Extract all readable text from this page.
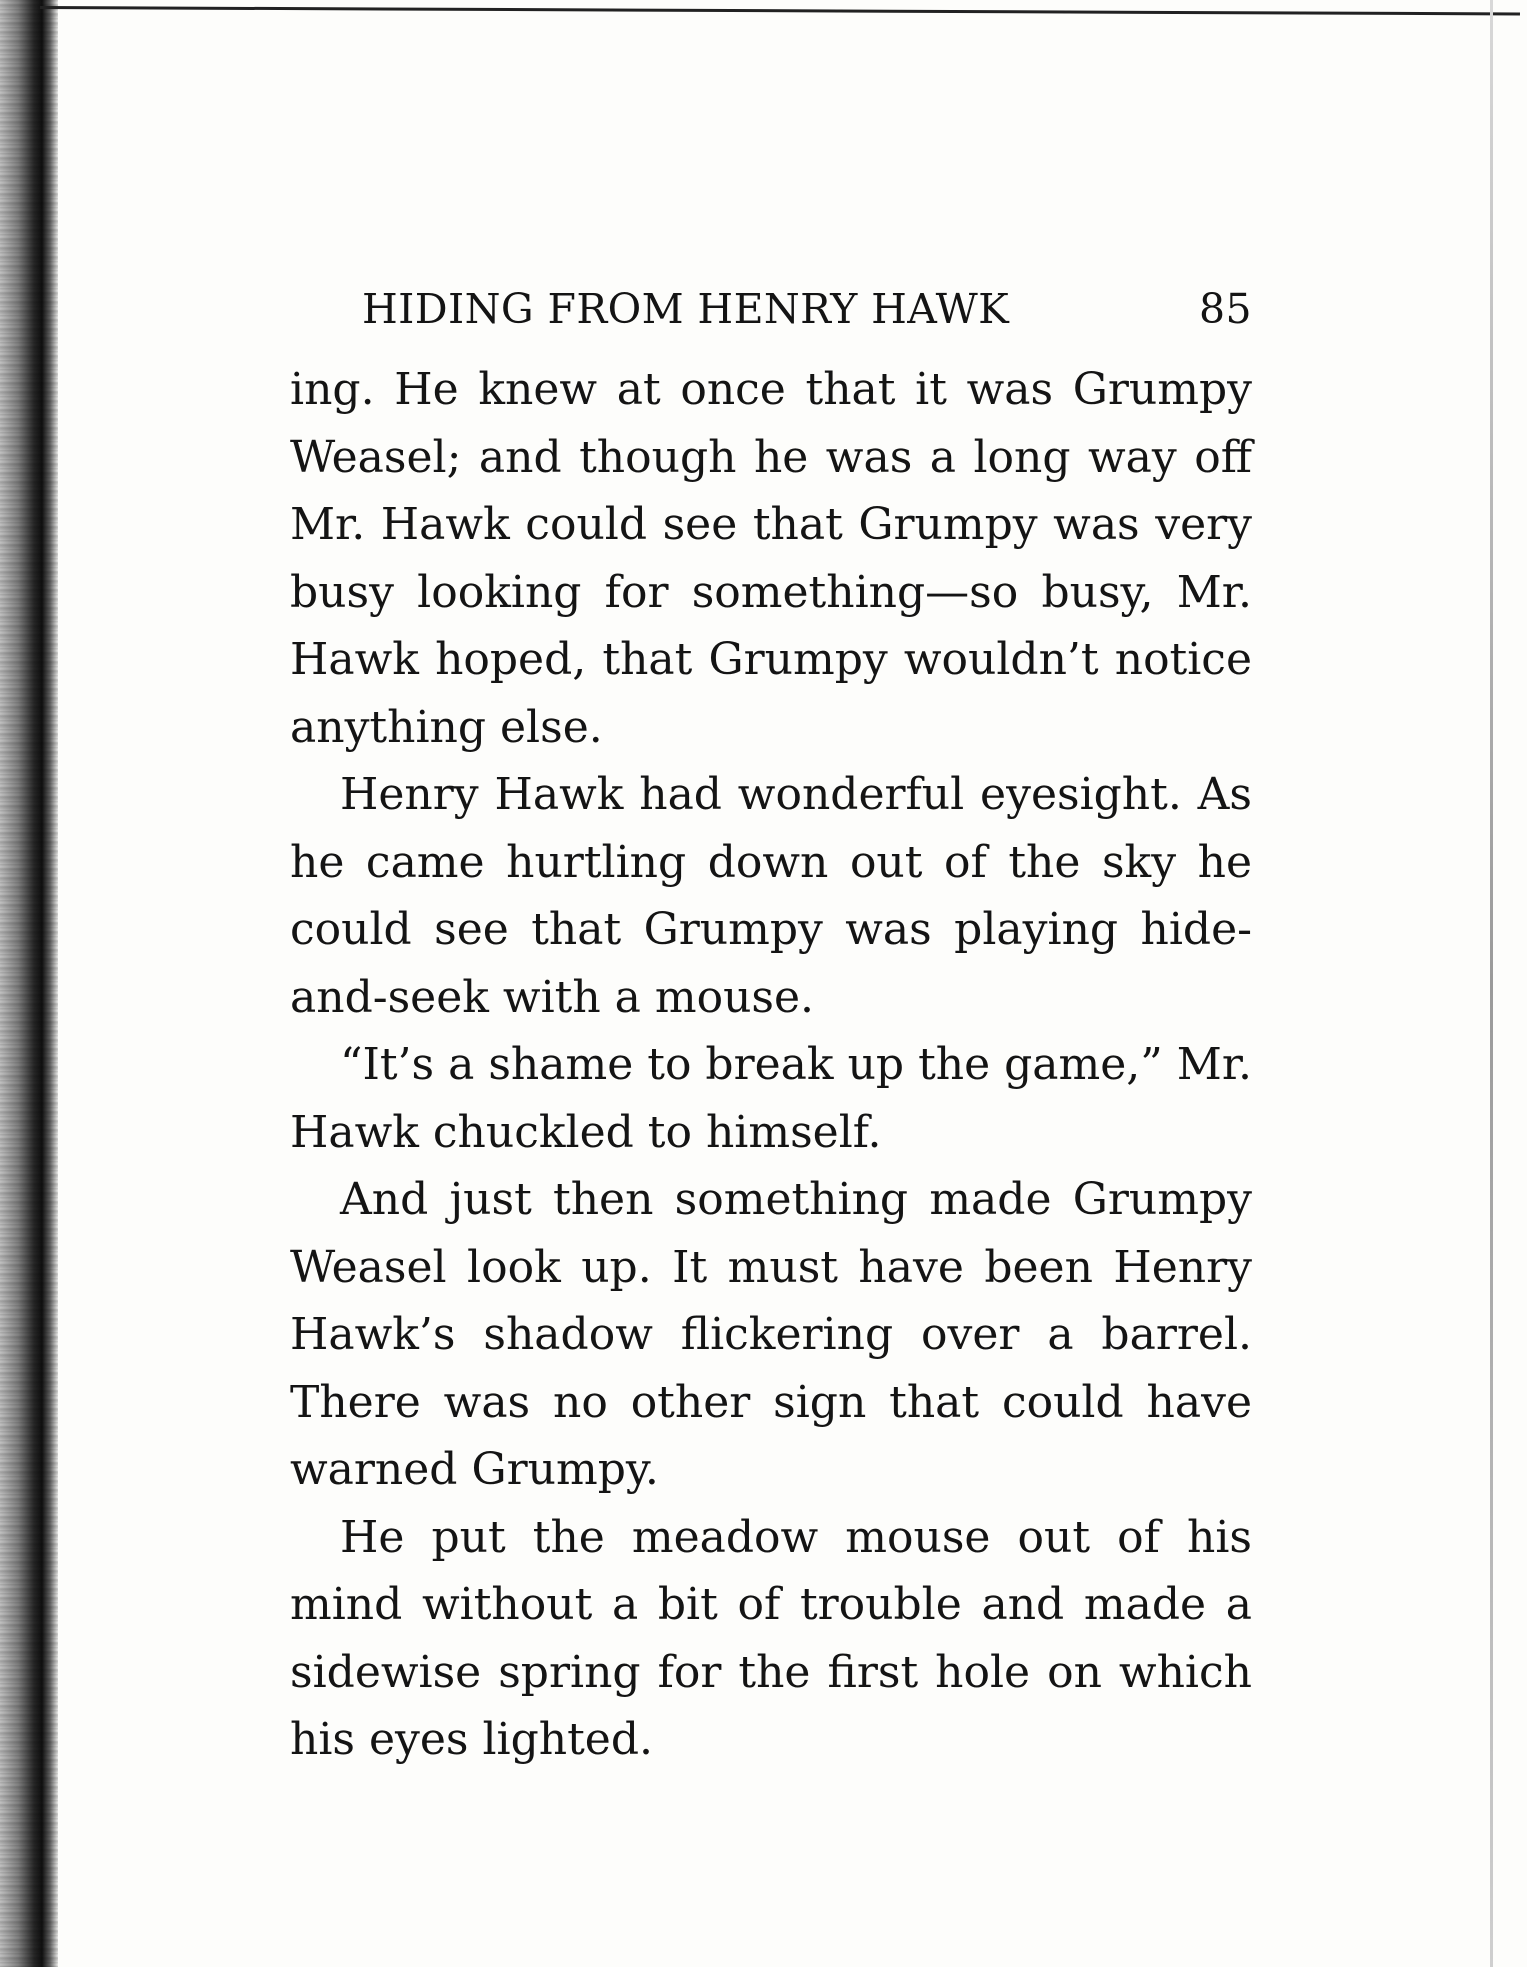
HIDING FROM HENRY HAWK	85

ing. He knew at once that it was Grumpy Weasel; and though he was a long way off Mr. Hawk could see that Grumpy was very busy looking for something—so busy, Mr. Hawk hoped, that Grumpy wouldn’t notice anything else.

Henry Hawk had wonderful eyesight. As he came hurtling down out of the sky he could see that Grumpy was playing hide-and-seek with a mouse.

“It’s a shame to break up the game,” Mr. Hawk chuckled to himself.

And just then something made Grumpy Weasel look up. It must have been Henry Hawk’s shadow flickering over a barrel. There was no other sign that could have warned Grumpy.

He put the meadow mouse out of his mind without a bit of trouble and made a sidewise spring for the first hole on which his eyes lighted.
